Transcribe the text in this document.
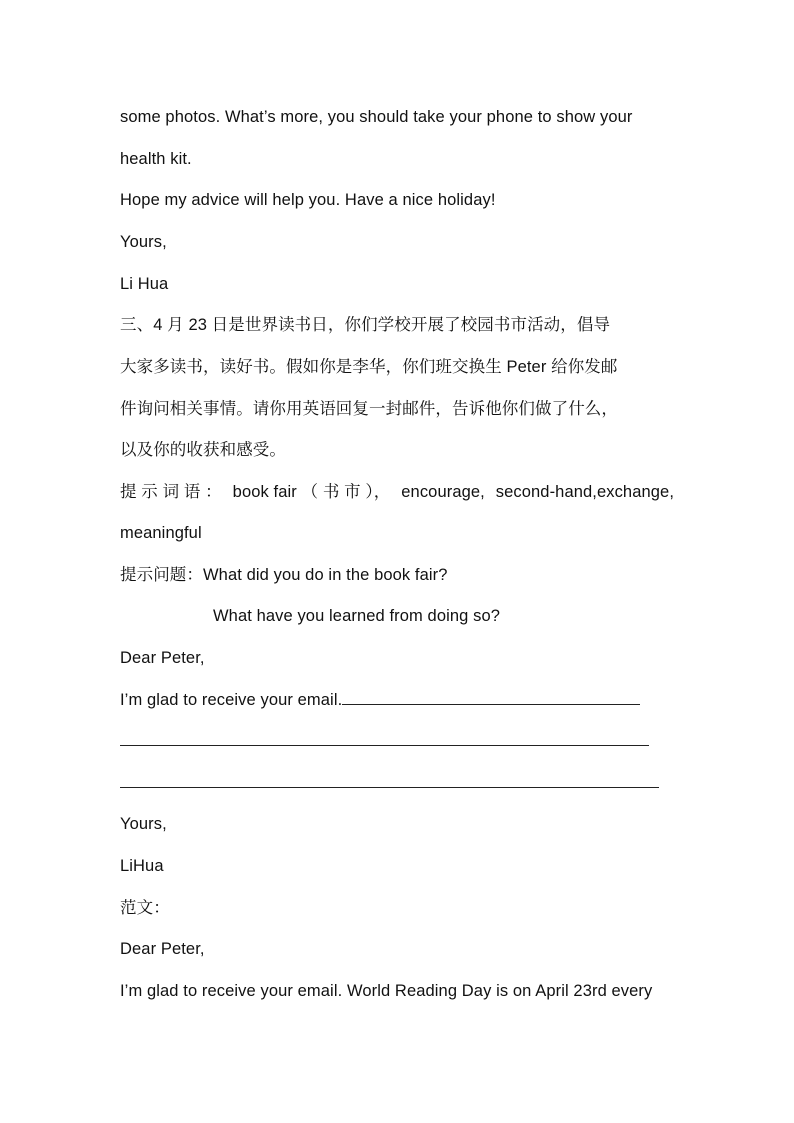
some photos. What’s more, you should take your phone to show your
health kit.
Hope my advice will help you. Have a nice holiday!
Yours,
Li Hua
三、4 月 23 日是世界读书日，你们学校开展了校园书市活动，倡导
大家多读书，读好书。假如你是李华，你们班交换生 Peter 给你发邮
件询问相关事情。请你用英语回复一封邮件，告诉他你们做了什么，
以及你的收获和感受。
提 示 词 语 ： book fair （ 书 市 ）， encourage, second-hand,exchange,
meaningful
提示问题：What did you do in the book fair?
What have you learned from doing so?
Dear Peter,
I’m glad to receive your email.
Yours,
LiHua
范文：
Dear Peter,
I’m glad to receive your email. World Reading Day is on April 23rd every
